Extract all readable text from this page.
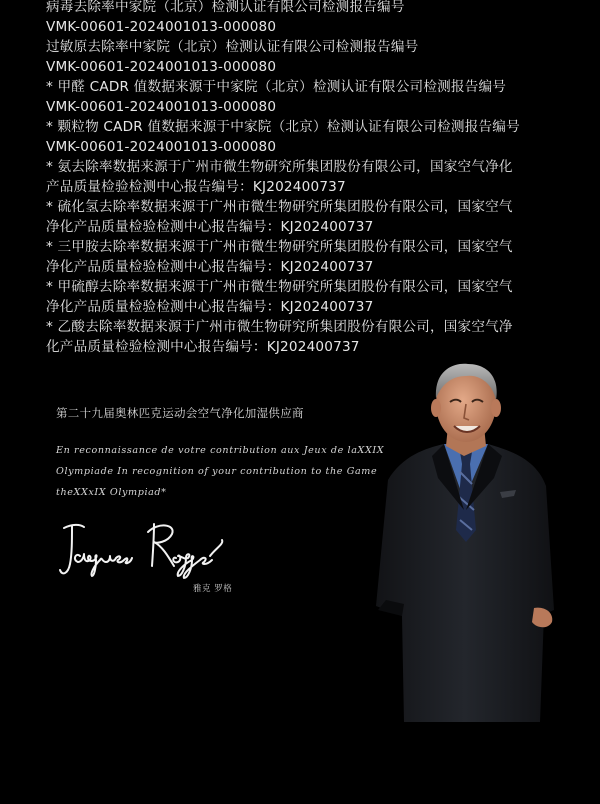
病毒去除率中家院（北京）检测认证有限公司检测报告编号

VMK-00601-2024001013-000080

过敏原去除率中家院（北京）检测认证有限公司检测报告编号

VMK-00601-2024001013-000080

* 甲醛 CADR 值数据来源于中家院（北京）检测认证有限公司检测报告编号

VMK-00601-2024001013-000080

* 颗粒物 CADR 值数据来源于中家院（北京）检测认证有限公司检测报告编号

VMK-00601-2024001013-000080

* 氨去除率数据来源于广州市微生物研究所集团股份有限公司，国家空气净化

产品质量检验检测中心报告编号：KJ202400737

* 硫化氢去除率数据来源于广州市微生物研究所集团股份有限公司，国家空气

净化产品质量检验检测中心报告编号：KJ202400737

* 三甲胺去除率数据来源于广州市微生物研究所集团股份有限公司，国家空气

净化产品质量检验检测中心报告编号：KJ202400737

* 甲硫醇去除率数据来源于广州市微生物研究所集团股份有限公司，国家空气

净化产品质量检验检测中心报告编号：KJ202400737

* 乙酸去除率数据来源于广州市微生物研究所集团股份有限公司，国家空气净

化产品质量检验检测中心报告编号：KJ202400737

第二十九届奥林匹克运动会空气净化加湿供应商
En reconnaissance de votre contribution aux Jeux de laXXIX
Olympiade In recognition of your contribution to the Game
theXXxIX Olympiad*
雅克 罗格
